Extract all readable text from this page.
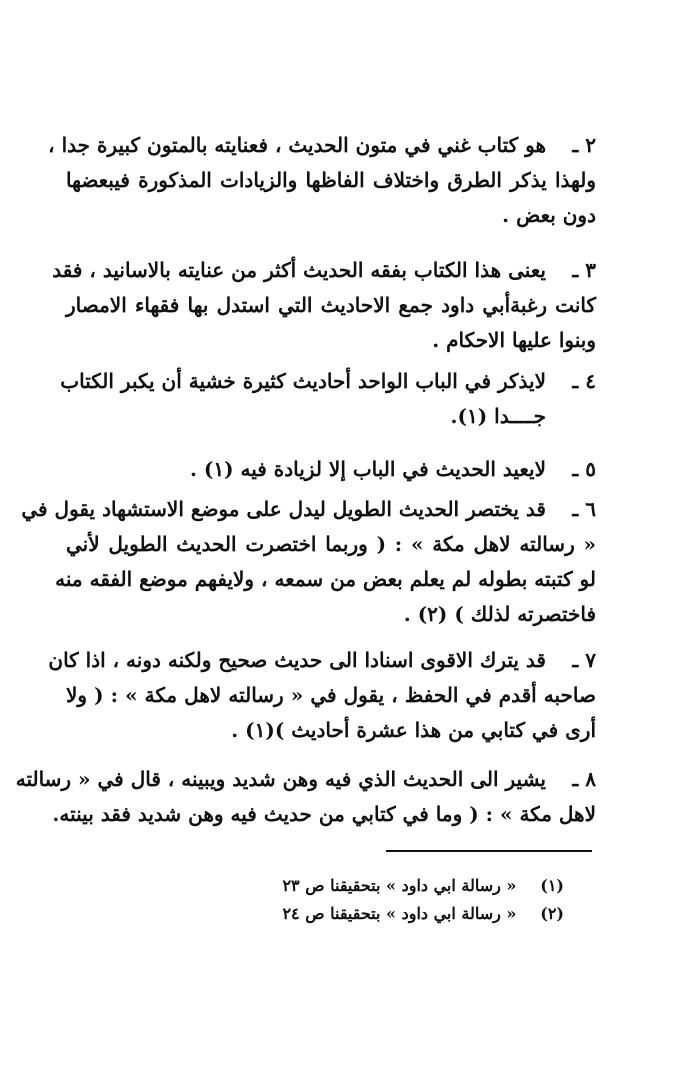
٢ ـ
هو كتاب غني في متون الحديث ، فعنايته بالمتون كبيرة جدا ،
ولهذا يذكر الطرق واختلاف الفاظها والزيادات المذكورة فيبعضها
دون بعض .
٣ ـ
يعنى هذا الكتاب بفقه الحديث أكثر من عنايته بالاسانيد ، فقد
كانت رغبةأبي داود جمع الاحاديث التي استدل بها فقهاء الامصار
وبنوا عليها الاحكام .
٤ ـ
لايذكر في الباب الواحد أحاديث كثيرة خشية أن يكبر الكتاب
جــــدا (١).
٥ ـ
لايعيد الحديث في الباب إلا لزيادة فيه (١) .
٦ ـ
قد يختصر الحديث الطويل ليدل على موضع الاستشهاد يقول في
« رسالته لاهل مكة » : ( وربما اختصرت الحديث الطويل لأني
لو كتبته بطوله لم يعلم بعض من سمعه ، ولايفهم موضع الفقه منه
فاختصرته لذلك ) (٢) .
٧ ـ
قد يترك الاقوى اسنادا الى حديث صحيح ولكنه دونه ، اذا كان
صاحبه أقدم في الحفظ ، يقول في « رسالته لاهل مكة » : ( ولا
أرى في كتابي من هذا عشرة أحاديث )(١) .
٨ ـ
يشير الى الحديث الذي فيه وهن شديد ويبينه ، قال في « رسالته
لاهل مكة » : ( وما في كتابي من حديث فيه وهن شديد فقد بينته.
(١) « رسالة ابي داود » بتحقيقنا ص ٢٣
(٢) « رسالة ابي داود » بتحقيقنا ص ٢٤
